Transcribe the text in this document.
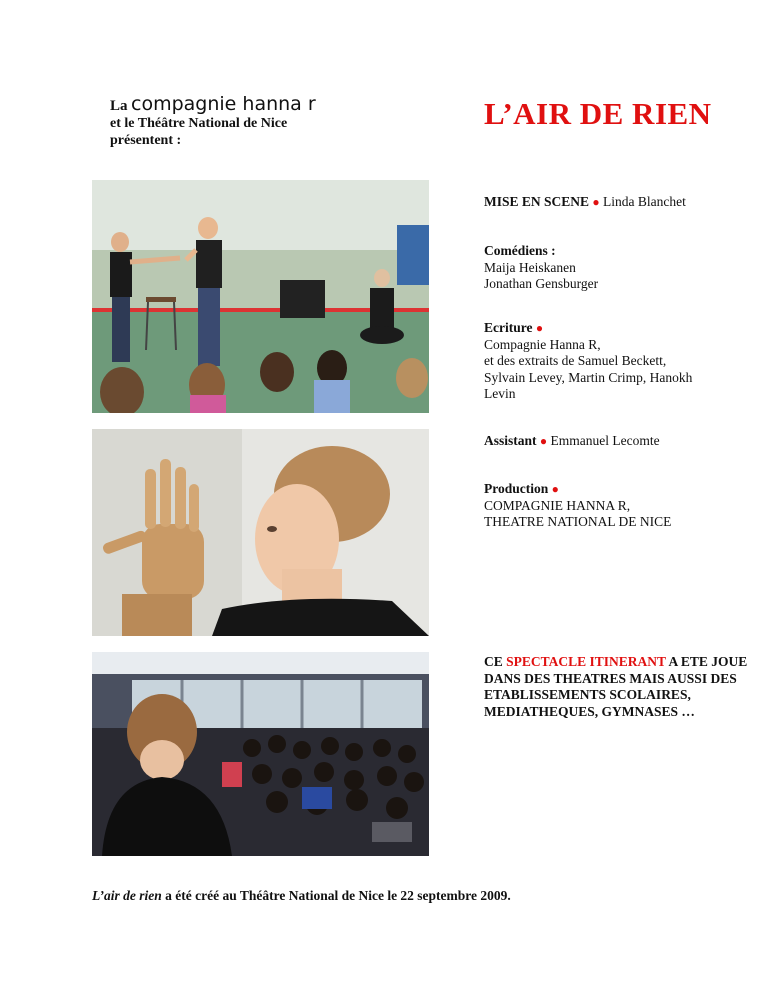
La compagnie hanna r
et le Théâtre National de Nice
présentent :
L’AIR DE RIEN
MISE EN SCENE ● Linda Blanchet
Comédiens :
Maija Heiskanen
Jonathan Gensburger
Ecriture ●
Compagnie Hanna R,
et des extraits de Samuel Beckett,
Sylvain Levey, Martin Crimp, Hanokh
Levin
Assistant ● Emmanuel Lecomte
Production ●
COMPAGNIE HANNA R,
THEATRE NATIONAL DE NICE
CE SPECTACLE ITINERANT A ETE JOUE DANS DES THEATRES MAIS AUSSI DES ETABLISSEMENTS SCOLAIRES, MEDIATHEQUES, GYMNASES …
L’air de rien a été créé au Théâtre National de Nice le 22 septembre 2009.
